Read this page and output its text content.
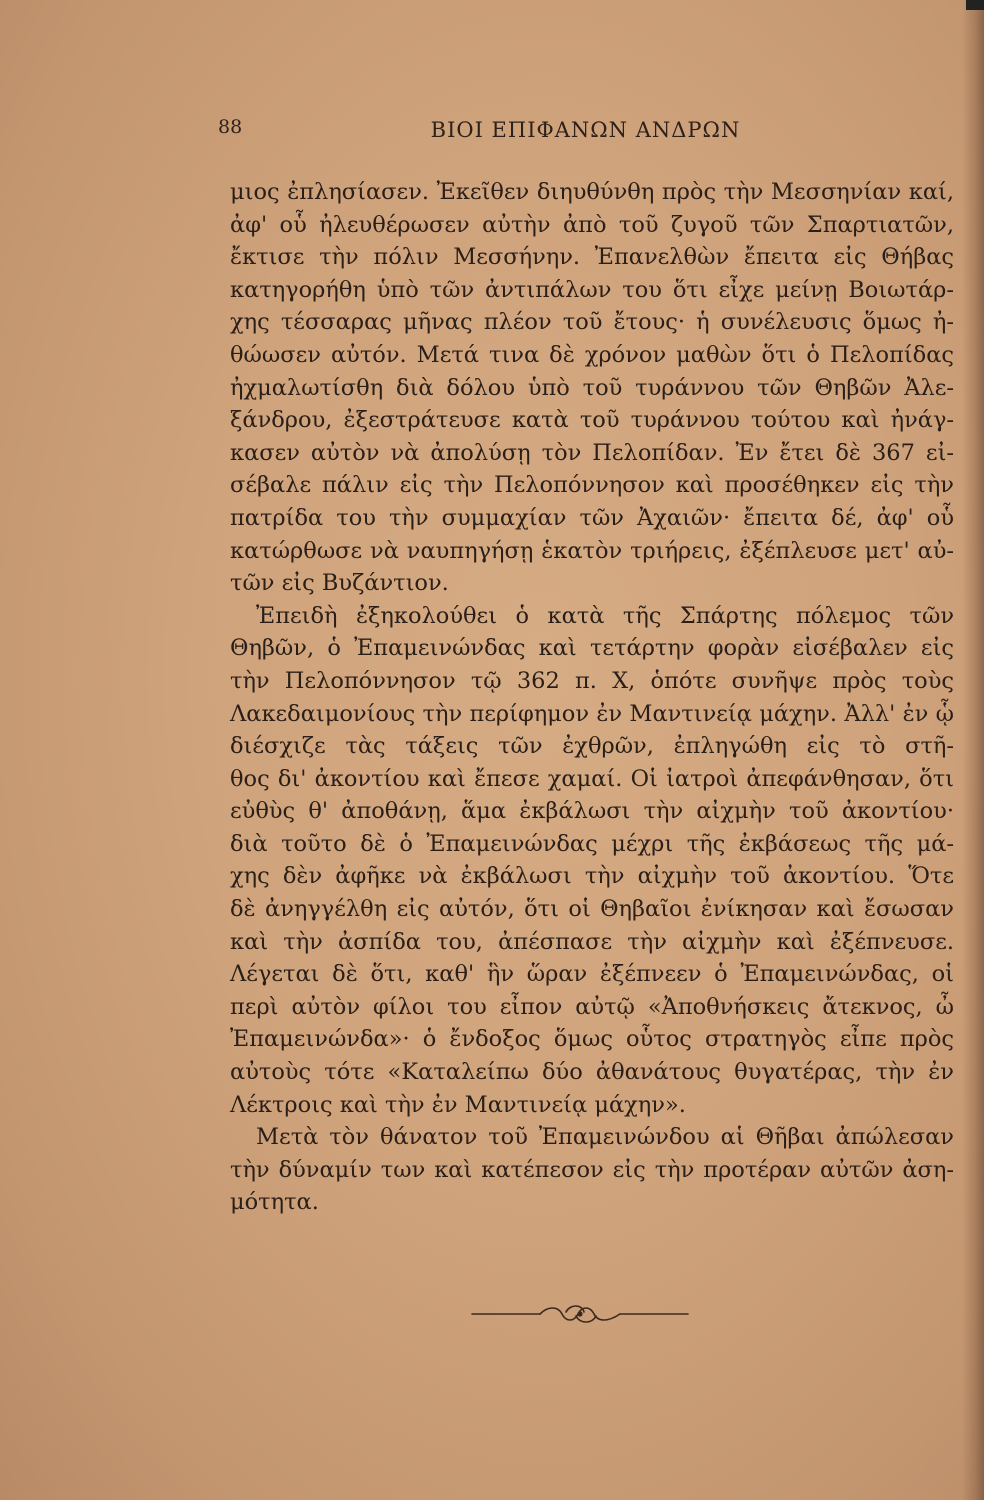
88	ΒΙΟΙ ΕΠΙΦΑΝΩΝ ΑΝΔΡΩΝ
μιος ἐπλησίασεν. Ἐκεῖθεν διηυθύνθη πρὸς τὴν Μεσσηνίαν καί,
ἀφ' οὗ ἠλευθέρωσεν αὐτὴν ἀπὸ τοῦ ζυγοῦ τῶν Σπαρτιατῶν,
ἔκτισε τὴν πόλιν Μεσσήνην. Ἐπανελθὼν ἔπειτα εἰς Θήβας
κατηγορήθη ὑπὸ τῶν ἀντιπάλων του ὅτι εἶχε μείνῃ Βοιωτάρ-
χης τέσσαρας μῆνας πλέον τοῦ ἔτους· ἡ συνέλευσις ὅμως ἠ-
θώωσεν αὐτόν. Μετά τινα δὲ χρόνον μαθὼν ὅτι ὁ Πελοπίδας
ἠχμαλωτίσθη διὰ δόλου ὑπὸ τοῦ τυράννου τῶν Θηβῶν Ἀλε-
ξάνδρου, ἐξεστράτευσε κατὰ τοῦ τυράννου τούτου καὶ ἠνάγ-
κασεν αὐτὸν νὰ ἀπολύσῃ τὸν Πελοπίδαν. Ἐν ἔτει δὲ 367 εἰ-
σέβαλε πάλιν εἰς τὴν Πελοπόννησον καὶ προσέθηκεν εἰς τὴν
πατρίδα του τὴν συμμαχίαν τῶν Ἀχαιῶν· ἔπειτα δέ, ἀφ' οὗ
κατώρθωσε νὰ ναυπηγήσῃ ἑκατὸν τριήρεις, ἐξέπλευσε μετ' αὐ-
τῶν εἰς Βυζάντιον.
Ἐπειδὴ ἐξηκολούθει ὁ κατὰ τῆς Σπάρτης πόλεμος τῶν
Θηβῶν, ὁ Ἐπαμεινώνδας καὶ τετάρτην φορὰν εἰσέβαλεν εἰς
τὴν Πελοπόννησον τῷ 362 π. Χ, ὁπότε συνῆψε πρὸς τοὺς
Λακεδαιμονίους τὴν περίφημον ἐν Μαντινείᾳ μάχην. Ἀλλ' ἐν ᾧ
διέσχιζε τὰς τάξεις τῶν ἐχθρῶν, ἐπληγώθη εἰς τὸ στῆ-
θος δι' ἀκοντίου καὶ ἔπεσε χαμαί. Οἱ ἰατροὶ ἀπεφάνθησαν, ὅτι
εὐθὺς θ' ἀποθάνῃ, ἅμα ἐκβάλωσι τὴν αἰχμὴν τοῦ ἀκοντίου·
διὰ τοῦτο δὲ ὁ Ἐπαμεινώνδας μέχρι τῆς ἐκβάσεως τῆς μά-
χης δὲν ἀφῆκε νὰ ἐκβάλωσι τὴν αἰχμὴν τοῦ ἀκοντίου. Ὅτε
δὲ ἀνηγγέλθη εἰς αὐτόν, ὅτι οἱ Θηβαῖοι ἐνίκησαν καὶ ἔσωσαν
καὶ τὴν ἀσπίδα του, ἀπέσπασε τὴν αἰχμὴν καὶ ἐξέπνευσε.
Λέγεται δὲ ὅτι, καθ' ἣν ὥραν ἐξέπνεεν ὁ Ἐπαμεινώνδας, οἱ
περὶ αὐτὸν φίλοι του εἶπον αὐτῷ «Ἀποθνήσκεις ἄτεκνος, ὦ
Ἐπαμεινώνδα»· ὁ ἔνδοξος ὅμως οὗτος στρατηγὸς εἶπε πρὸς
αὐτοὺς τότε «Καταλείπω δύο ἀθανάτους θυγατέρας, τὴν ἐν
Λέκτροις καὶ τὴν ἐν Μαντινείᾳ μάχην».
Μετὰ τὸν θάνατον τοῦ Ἐπαμεινώνδου αἱ Θῆβαι ἀπώλεσαν
τὴν δύναμίν των καὶ κατέπεσον εἰς τὴν προτέραν αὐτῶν ἀση-
μότητα.
